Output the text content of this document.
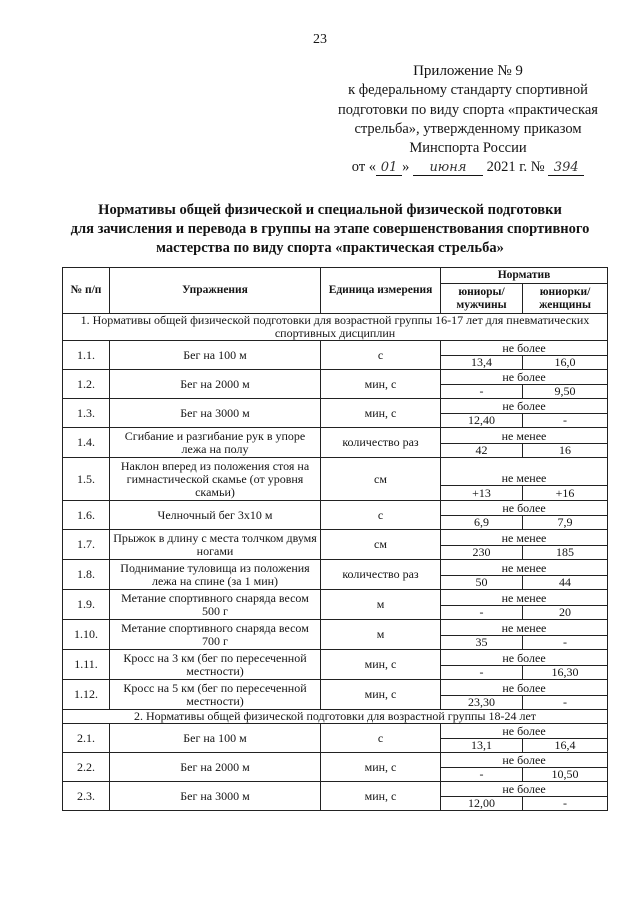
23
Приложение № 9
к федеральному стандарту спортивной
подготовки по виду спорта «практическая
стрельба», утвержденному приказом
Минспорта России
от « 01 » июня 2021 г. № 394
Нормативы общей физической и специальной физической подготовки
для зачисления и перевода в группы на этапе совершенствования спортивного
мастерства по виду спорта «практическая стрельба»
№ п/п	Упражнения	Единица измерения	Норматив	
			юниоры/ мужчины	юниорки/ женщины
1. Нормативы общей физической подготовки для возрастной группы 16-17 лет для пневматических спортивных дисциплин				
1.1.	Бег на 100 м	с	не более	
			13,4	16,0
1.2.	Бег на 2000 м	мин, с	не более	
			-	9,50
1.3.	Бег на 3000 м	мин, с	не более	
			12,40	-
1.4.	Сгибание и разгибание рук в упоре лежа на полу	количество раз	не менее	
			42	16
1.5.	Наклон вперед из положения стоя на гимнастической скамье (от уровня скамьи)	см	не менее	
			+13	+16
1.6.	Челночный бег 3х10 м	с	не более	
			6,9	7,9
1.7.	Прыжок в длину с места толчком двумя ногами	см	не менее	
			230	185
1.8.	Поднимание туловища из положения лежа на спине (за 1 мин)	количество раз	не менее	
			50	44
1.9.	Метание спортивного снаряда весом 500 г	м	не менее	
			-	20
1.10.	Метание спортивного снаряда весом 700 г	м	не менее	
			35	-
1.11.	Кросс на 3 км (бег по пересеченной местности)	мин, с	не более	
			-	16,30
1.12.	Кросс на 5 км (бег по пересеченной местности)	мин, с	не более	
			23,30	-
2. Нормативы общей физической подготовки для возрастной группы 18-24 лет				
2.1.	Бег на 100 м	с	не более	
			13,1	16,4
2.2.	Бег на 2000 м	мин, с	не более	
			-	10,50
2.3.	Бег на 3000 м	мин, с	не более	
			12,00	-
